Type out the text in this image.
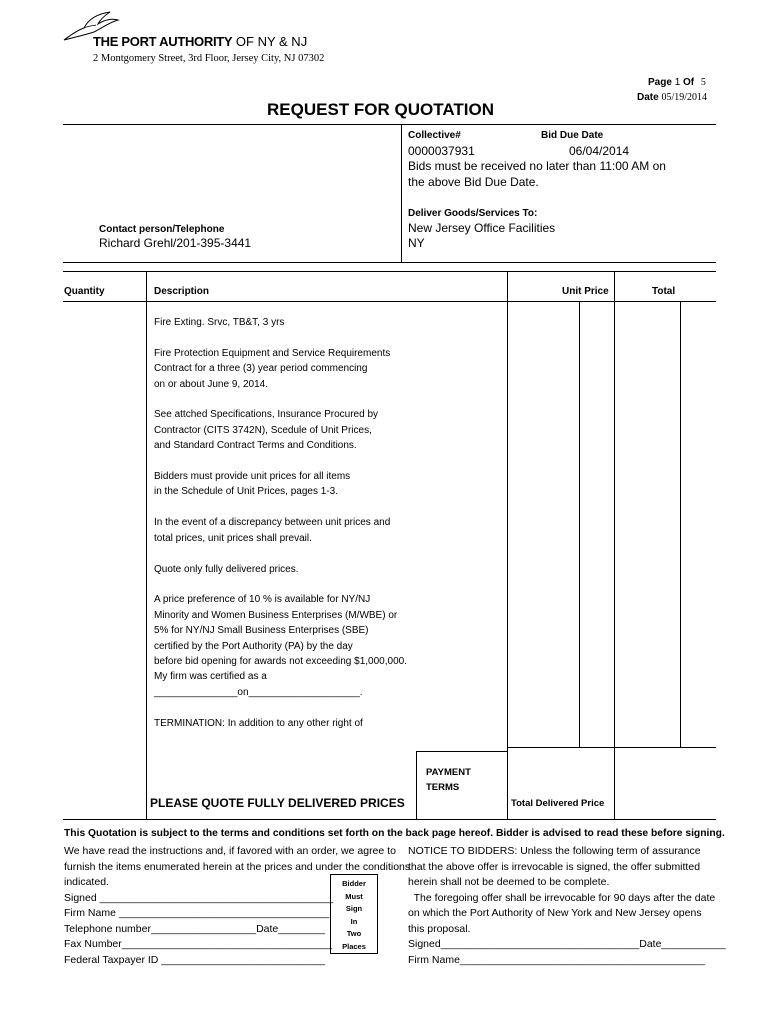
THE PORT AUTHORITY OF NY & NJ
2 Montgomery Street, 3rd Floor, Jersey City, NJ 07302
Page 1 Of 5
Date 05/19/2014
REQUEST FOR QUOTATION
Collective#	Bid Due Date
0000037931	06/04/2014
Bids must be received no later than 11:00 AM on
the above Bid Due Date.
Contact person/Telephone
Richard Grehl/201-395-3441
Deliver Goods/Services To:
New Jersey Office Facilities
NY
Quantity	Description	Unit Price	Total
Fire Exting. Srvc, TB&T, 3 yrs

Fire Protection Equipment and Service Requirements
Contract for a three (3) year period commencing
on or about June 9, 2014.

See attched Specifications, Insurance Procured by
Contractor (CITS 3742N), Scedule of Unit Prices,
and Standard Contract Terms and Conditions.

Bidders must provide unit prices for all items
in the Schedule of Unit Prices, pages 1-3.

In the event of a discrepancy between unit prices and
total prices, unit prices shall prevail.

Quote only fully delivered prices.

A price preference of 10 % is available for NY/NJ
Minority and Women Business Enterprises (M/WBE) or
5% for NY/NJ Small Business Enterprises (SBE)
certified by the Port Authority (PA) by the day
before bid opening for awards not exceeding $1,000,000.
My firm was certified as a
_______________on____________________.

TERMINATION: In addition to any other right of
PAYMENT
TERMS
PLEASE QUOTE FULLY DELIVERED PRICES	Total Delivered Price
This Quotation is subject to the terms and conditions set forth on the back page hereof. Bidder is advised to read these before signing.
We have read the instructions and, if favored with an order, we agree to
furnish the items enumerated herein at the prices and under the conditions
indicated.
Signed ________________________________________
Firm Name ____________________________________
Telephone number__________________Date________
Fax Number____________________________________
Federal Taxpayer ID ____________________________
Bidder
Must
Sign
In
Two
Places
NOTICE TO BIDDERS: Unless the following term of assurance
that the above offer is irrevocable is signed, the offer submitted
herein shall not be deemed to be complete.
The foregoing offer shall be irrevocable for 90 days after the date
on which the Port Authority of New York and New Jersey opens
this proposal.
Signed__________________________________Date___________
Firm Name__________________________________________
